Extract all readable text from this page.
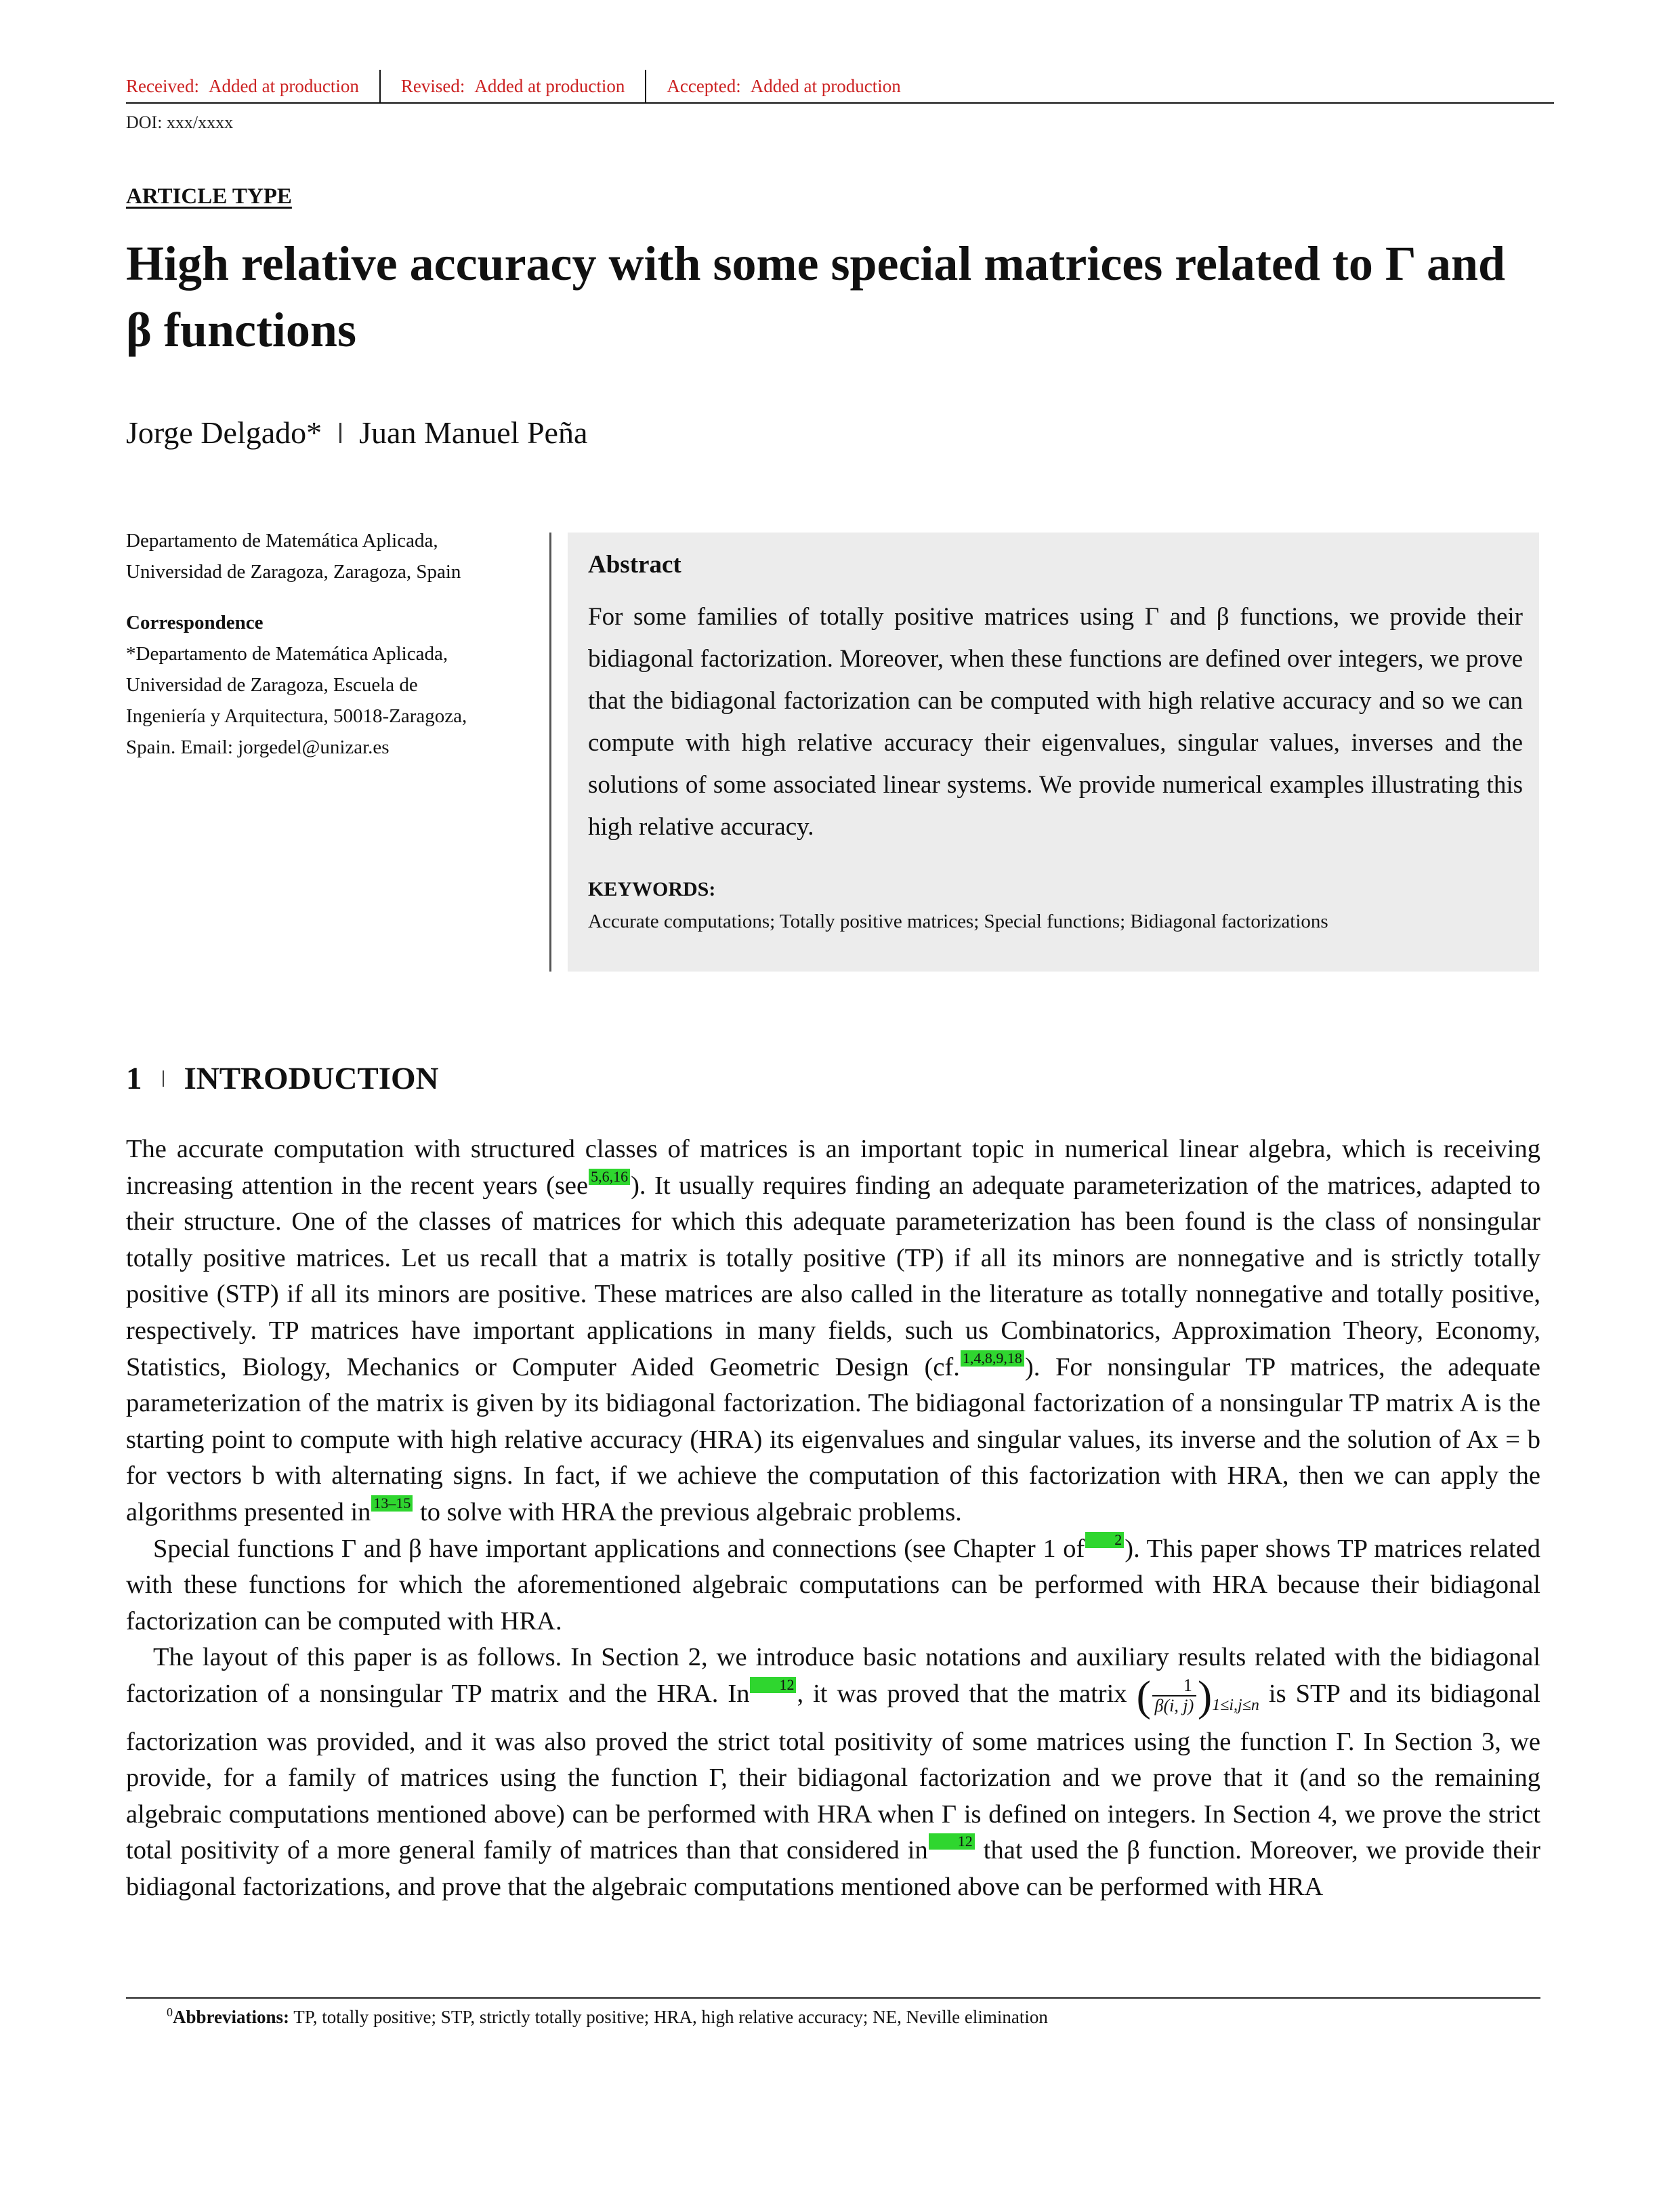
Received: Added at production Revised: Added at production Accepted: Added at production
DOI: xxx/xxxx
ARTICLE TYPE
High relative accuracy with some special matrices related to Γ and
β functions
Jorge Delgado* Juan Manuel Peña
Departamento de Matemática Aplicada,
Universidad de Zaragoza, Zaragoza, Spain
Correspondence
*Departamento de Matemática Aplicada,
Universidad de Zaragoza, Escuela de
Ingeniería y Arquitectura, 50018-Zaragoza,
Spain. Email: jorgedel@unizar.es
Abstract
For some families of totally positive matrices using Γ and β functions, we provide their bidiagonal factorization. Moreover, when these functions are defined over integers, we prove that the bidiagonal factorization can be computed with high relative accuracy and so we can compute with high relative accuracy their eigenvalues, singular values, inverses and the solutions of some associated linear systems. We provide numerical examples illustrating this high relative accuracy.
KEYWORDS:
Accurate computations; Totally positive matrices; Special functions; Bidiagonal factorizations
1 INTRODUCTION

The accurate computation with structured classes of matrices is an important topic in numerical linear algebra, which is receiving increasing attention in the recent years (see 5,6,16 ). It usually requires finding an adequate parameterization of the matrices, adapted to their structure. One of the classes of matrices for which this adequate parameterization has been found is the class of nonsingular totally positive matrices. Let us recall that a matrix is totally positive (TP) if all its minors are nonnegative and is strictly totally positive (STP) if all its minors are positive. These matrices are also called in the literature as totally nonnegative and totally positive, respectively. TP matrices have important applications in many fields, such us Combinatorics, Approximation Theory, Economy, Statistics, Biology, Mechanics or Computer Aided Geometric Design (cf. 1,4,8,9,18 ). For nonsingular TP matrices, the adequate parameterization of the matrix is given by its bidiagonal factorization. The bidiagonal factorization of a nonsingular TP matrix A is the starting point to compute with high relative accuracy (HRA) its eigenvalues and singular values, its inverse and the solution of Ax = b for vectors b with alternating signs. In fact, if we achieve the computation of this factorization with HRA, then we can apply the algorithms presented in 13–15 to solve with HRA the previous algebraic problems.

Special functions Γ and β have important applications and connections (see Chapter 1 of 2 ). This paper shows TP matrices related with these functions for which the aforementioned algebraic computations can be performed with HRA because their bidiagonal factorization can be computed with HRA.

The layout of this paper is as follows. In Section 2, we introduce basic notations and auxiliary results related with the bidiagonal factorization of a nonsingular TP matrix and the HRA. In 12 , it was proved that the matrix ( $\frac{1}{\beta(i, j)})_{1\le i,j\le n}$ is STP and its bidiagonal factorization was provided, and it was also proved the strict total positivity of some matrices using the function Γ. In Section 3, we provide, for a family of matrices using the function Γ, their bidiagonal factorization and we prove that it (and so the remaining algebraic computations mentioned above) can be performed with HRA when Γ is defined on integers. In Section 4, we prove the strict total positivity of a more general family of matrices than that considered in 12 that used the β function. Moreover, we provide their bidiagonal factorizations, and prove that the algebraic computations mentioned above can be performed with HRA

$^0$Abbreviations: TP, totally positive; STP, strictly totally positive; HRA, high relative accuracy; NE, Neville elimination
